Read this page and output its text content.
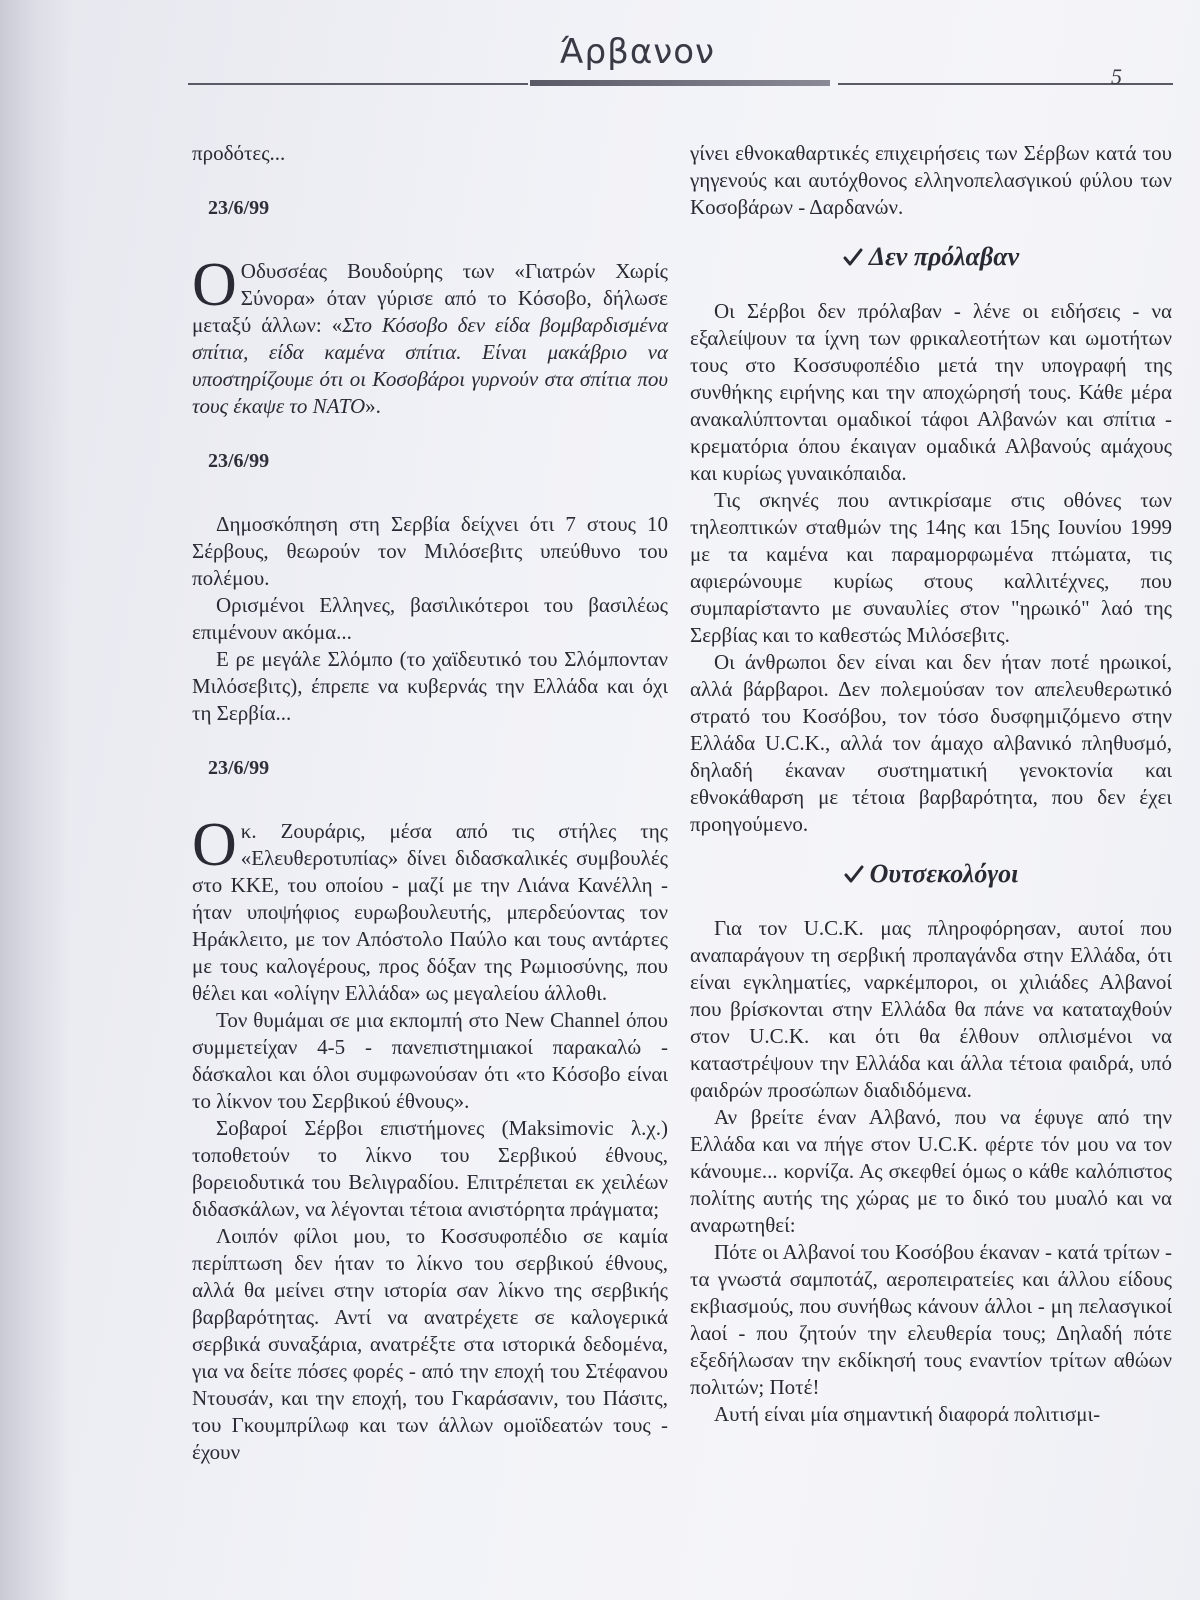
Άρβανον
5

προδότες...

23/6/99

Ο Οδυσσέας Βουδούρης των «Γιατρών Χωρίς Σύνορα» όταν γύρισε από το Κόσοβο, δήλωσε μεταξύ άλλων: «Στο Κόσοβο δεν είδα βομβαρδισμένα σπίτια, είδα καμένα σπίτια. Είναι μακάβριο να υποστηρίζουμε ότι οι Κοσοβάροι γυρνούν στα σπίτια που τους έκαψε το ΝΑΤΟ».

23/6/99

Δημοσκόπηση στη Σερβία δείχνει ότι 7 στους 10 Σέρβους, θεωρούν τον Μιλόσεβιτς υπεύθυνο του πολέμου.

Ορισμένοι Ελληνες, βασιλικότεροι του βασιλέως επιμένουν ακόμα...

Ε ρε μεγάλε Σλόμπο (το χαϊδευτικό του Σλόμπονταν Μιλόσεβιτς), έπρεπε να κυβερνάς την Ελλάδα και όχι τη Σερβία...

23/6/99

Οκ. Ζουράρις, μέσα από τις στήλες της «Ελευθεροτυπίας» δίνει διδασκαλικές συμβουλές στο ΚΚΕ, του οποίου - μαζί με την Λιάνα Κανέλλη - ήταν υποψήφιος ευρωβουλευτής, μπερδεύοντας τον Ηράκλειτο, με τον Απόστολο Παύλο και τους αντάρτες με τους καλογέρους, προς δόξαν της Ρωμιοσύνης, που θέλει και «ολίγην Ελλάδα» ως μεγαλείου άλλοθι.

Τον θυμάμαι σε μια εκπομπή στο New Channel όπου συμμετείχαν 4-5 - πανεπιστημιακοί παρακαλώ - δάσκαλοι και όλοι συμφωνούσαν ότι «το Κόσοβο είναι το λίκνον του Σερβικού έθνους».

Σοβαροί Σέρβοι επιστήμονες (Maksimovic λ.χ.) τοποθετούν το λίκνο του Σερβικού έθνους, βορειοδυτικά του Βελιγραδίου. Επιτρέπεται εκ χειλέων διδασκάλων, να λέγονται τέτοια ανιστόρητα πράγματα;

Λοιπόν φίλοι μου, το Κοσσυφοπέδιο σε καμία περίπτωση δεν ήταν το λίκνο του σερβικού έθνους, αλλά θα μείνει στην ιστορία σαν λίκνο της σερβικής βαρβαρότητας. Αντί να ανατρέχετε σε καλογερικά σερβικά συναξάρια, ανατρέξτε στα ιστορικά δεδομένα, για να δείτε πόσες φορές - από την εποχή του Στέφανου Ντουσάν, και την εποχή, του Γκαράσανιν, του Πάσιτς, του Γκουμπρίλωφ και των άλλων ομοϊδεατών τους - έχουν

γίνει εθνοκαθαρτικές επιχειρήσεις των Σέρβων κατά του γηγενούς και αυτόχθονος ελληνοπελασγικού φύλου των Κοσοβάρων - Δαρδανών.

Δεν πρόλαβαν

Οι Σέρβοι δεν πρόλαβαν - λένε οι ειδήσεις - να εξαλείψουν τα ίχνη των φρικαλεοτήτων και ωμοτήτων τους στο Κοσσυφοπέδιο μετά την υπογραφή της συνθήκης ειρήνης και την αποχώρησή τους. Κάθε μέρα ανακαλύπτονται ομαδικοί τάφοι Αλβανών και σπίτια - κρεματόρια όπου έκαιγαν ομαδικά Αλβανούς αμάχους και κυρίως γυναικόπαιδα.

Τις σκηνές που αντικρίσαμε στις οθόνες των τηλεοπτικών σταθμών της 14ης και 15ης Ιουνίου 1999 με τα καμένα και παραμορφωμένα πτώματα, τις αφιερώνουμε κυρίως στους καλλιτέχνες, που συμπαρίσταντο με συναυλίες στον "ηρωικό" λαό της Σερβίας και το καθεστώς Μιλόσεβιτς.

Οι άνθρωποι δεν είναι και δεν ήταν ποτέ ηρωικοί, αλλά βάρβαροι. Δεν πολεμούσαν τον απελευθερωτικό στρατό του Κοσόβου, τον τόσο δυσφημιζόμενο στην Ελλάδα U.C.K., αλλά τον άμαχο αλβανικό πληθυσμό, δηλαδή έκαναν συστηματική γενοκτονία και εθνοκάθαρση με τέτοια βαρβαρότητα, που δεν έχει προηγούμενο.

Ουτσεκολόγοι

Για τον U.C.K. μας πληροφόρησαν, αυτοί που αναπαράγουν τη σερβική προπαγάνδα στην Ελλάδα, ότι είναι εγκληματίες, ναρκέμποροι, οι χιλιάδες Αλβανοί που βρίσκονται στην Ελλάδα θα πάνε να καταταχθούν στον U.C.K. και ότι θα έλθουν οπλισμένοι να καταστρέψουν την Ελλάδα και άλλα τέτοια φαιδρά, υπό φαιδρών προσώπων διαδιδόμενα.

Αν βρείτε έναν Αλβανό, που να έφυγε από την Ελλάδα και να πήγε στον U.C.K. φέρτε τόν μου να τον κάνουμε... κορνίζα. Ας σκεφθεί όμως ο κάθε καλόπιστος πολίτης αυτής της χώρας με το δικό του μυαλό και να αναρωτηθεί:

Πότε οι Αλβανοί του Κοσόβου έκαναν - κατά τρίτων - τα γνωστά σαμποτάζ, αεροπειρατείες και άλλου είδους εκβιασμούς, που συνήθως κάνουν άλλοι - μη πελασγικοί λαοί - που ζητούν την ελευθερία τους; Δηλαδή πότε εξεδήλωσαν την εκδίκησή τους εναντίον τρίτων αθώων πολιτών; Ποτέ!

Αυτή είναι μία σημαντική διαφορά πολιτισμι-
